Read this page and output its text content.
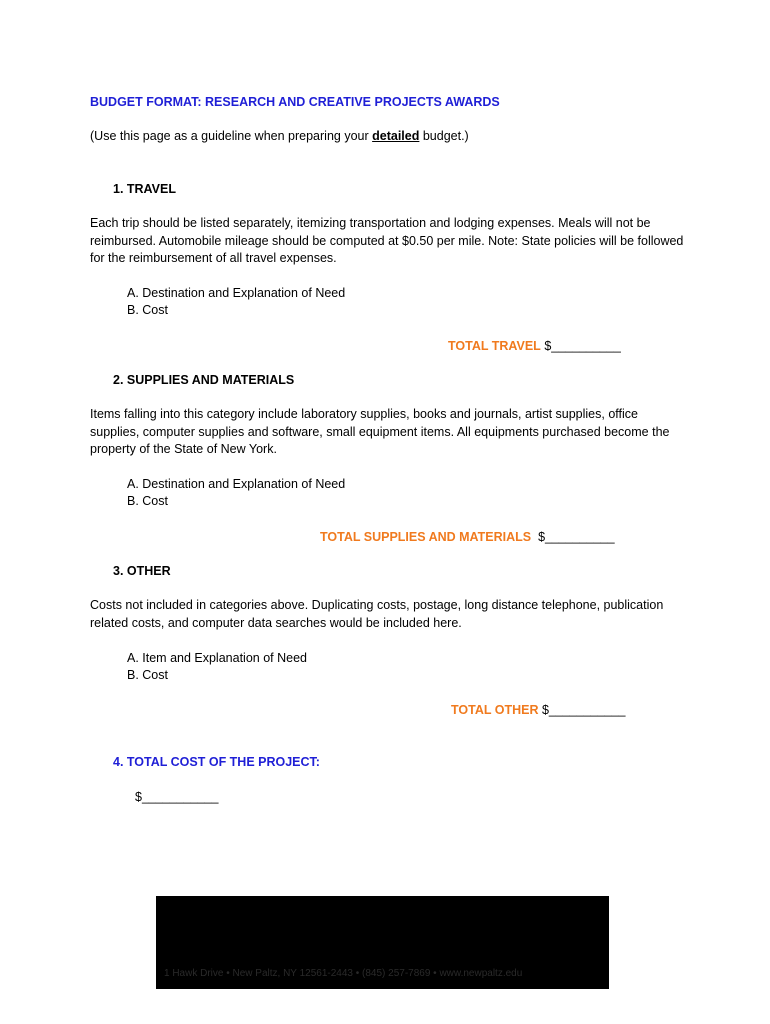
BUDGET FORMAT: RESEARCH AND CREATIVE PROJECTS AWARDS
(Use this page as a guideline when preparing your detailed budget.)
1. TRAVEL
Each trip should be listed separately, itemizing transportation and lodging expenses. Meals will not be reimbursed. Automobile mileage should be computed at $0.50 per mile. Note: State policies will be followed for the reimbursement of all travel expenses.
A. Destination and Explanation of Need
B. Cost
TOTAL TRAVEL $__________
2. SUPPLIES AND MATERIALS
Items falling into this category include laboratory supplies, books and journals, artist supplies, office supplies, computer supplies and software, small equipment items. All equipments purchased become the property of the State of New York.
A. Destination and Explanation of Need
B. Cost
TOTAL SUPPLIES AND MATERIALS $__________
3. OTHER
Costs not included in categories above. Duplicating costs, postage, long distance telephone, publication related costs, and computer data searches would be included here.
A. Item and Explanation of Need
B. Cost
TOTAL OTHER $___________
4. TOTAL COST OF THE PROJECT:
$___________
1 Hawk Drive • New Paltz, NY 12561-2443 • (845) 257-7869 • www.newpaltz.edu
